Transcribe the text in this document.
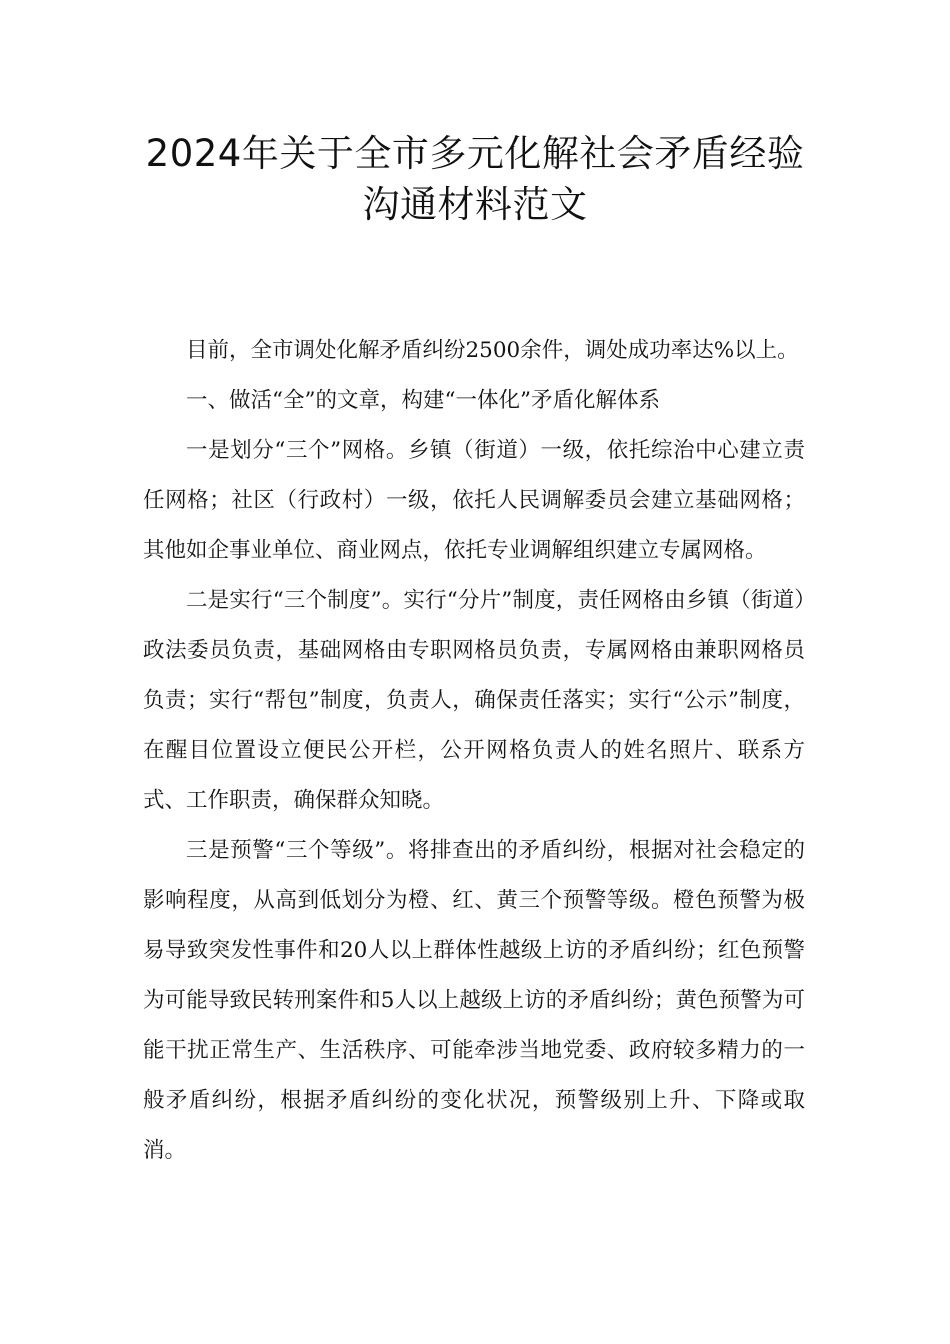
2024年关于全市多元化解社会矛盾经验
沟通材料范文

目前，全市调处化解矛盾纠纷2500余件，调处成功率达%以上。

一、做活“全”的文章，构建“一体化”矛盾化解体系

一是划分“三个”网格。乡镇（街道）一级，依托综治中心建立责任网格；社区（行政村）一级，依托人民调解委员会建立基础网格；其他如企事业单位、商业网点，依托专业调解组织建立专属网格。

二是实行“三个制度”。实行“分片”制度，责任网格由乡镇（街道）政法委员负责，基础网格由专职网格员负责，专属网格由兼职网格员负责；实行“帮包”制度，负责人，确保责任落实；实行“公示”制度，在醒目位置设立便民公开栏，公开网格负责人的姓名照片、联系方式、工作职责，确保群众知晓。

三是预警“三个等级”。将排查出的矛盾纠纷，根据对社会稳定的影响程度，从高到低划分为橙、红、黄三个预警等级。橙色预警为极易导致突发性事件和20人以上群体性越级上访的矛盾纠纷；红色预警为可能导致民转刑案件和5人以上越级上访的矛盾纠纷；黄色预警为可能干扰正常生产、生活秩序、可能牵涉当地党委、政府较多精力的一般矛盾纠纷，根据矛盾纠纷的变化状况，预警级别上升、下降或取消。
